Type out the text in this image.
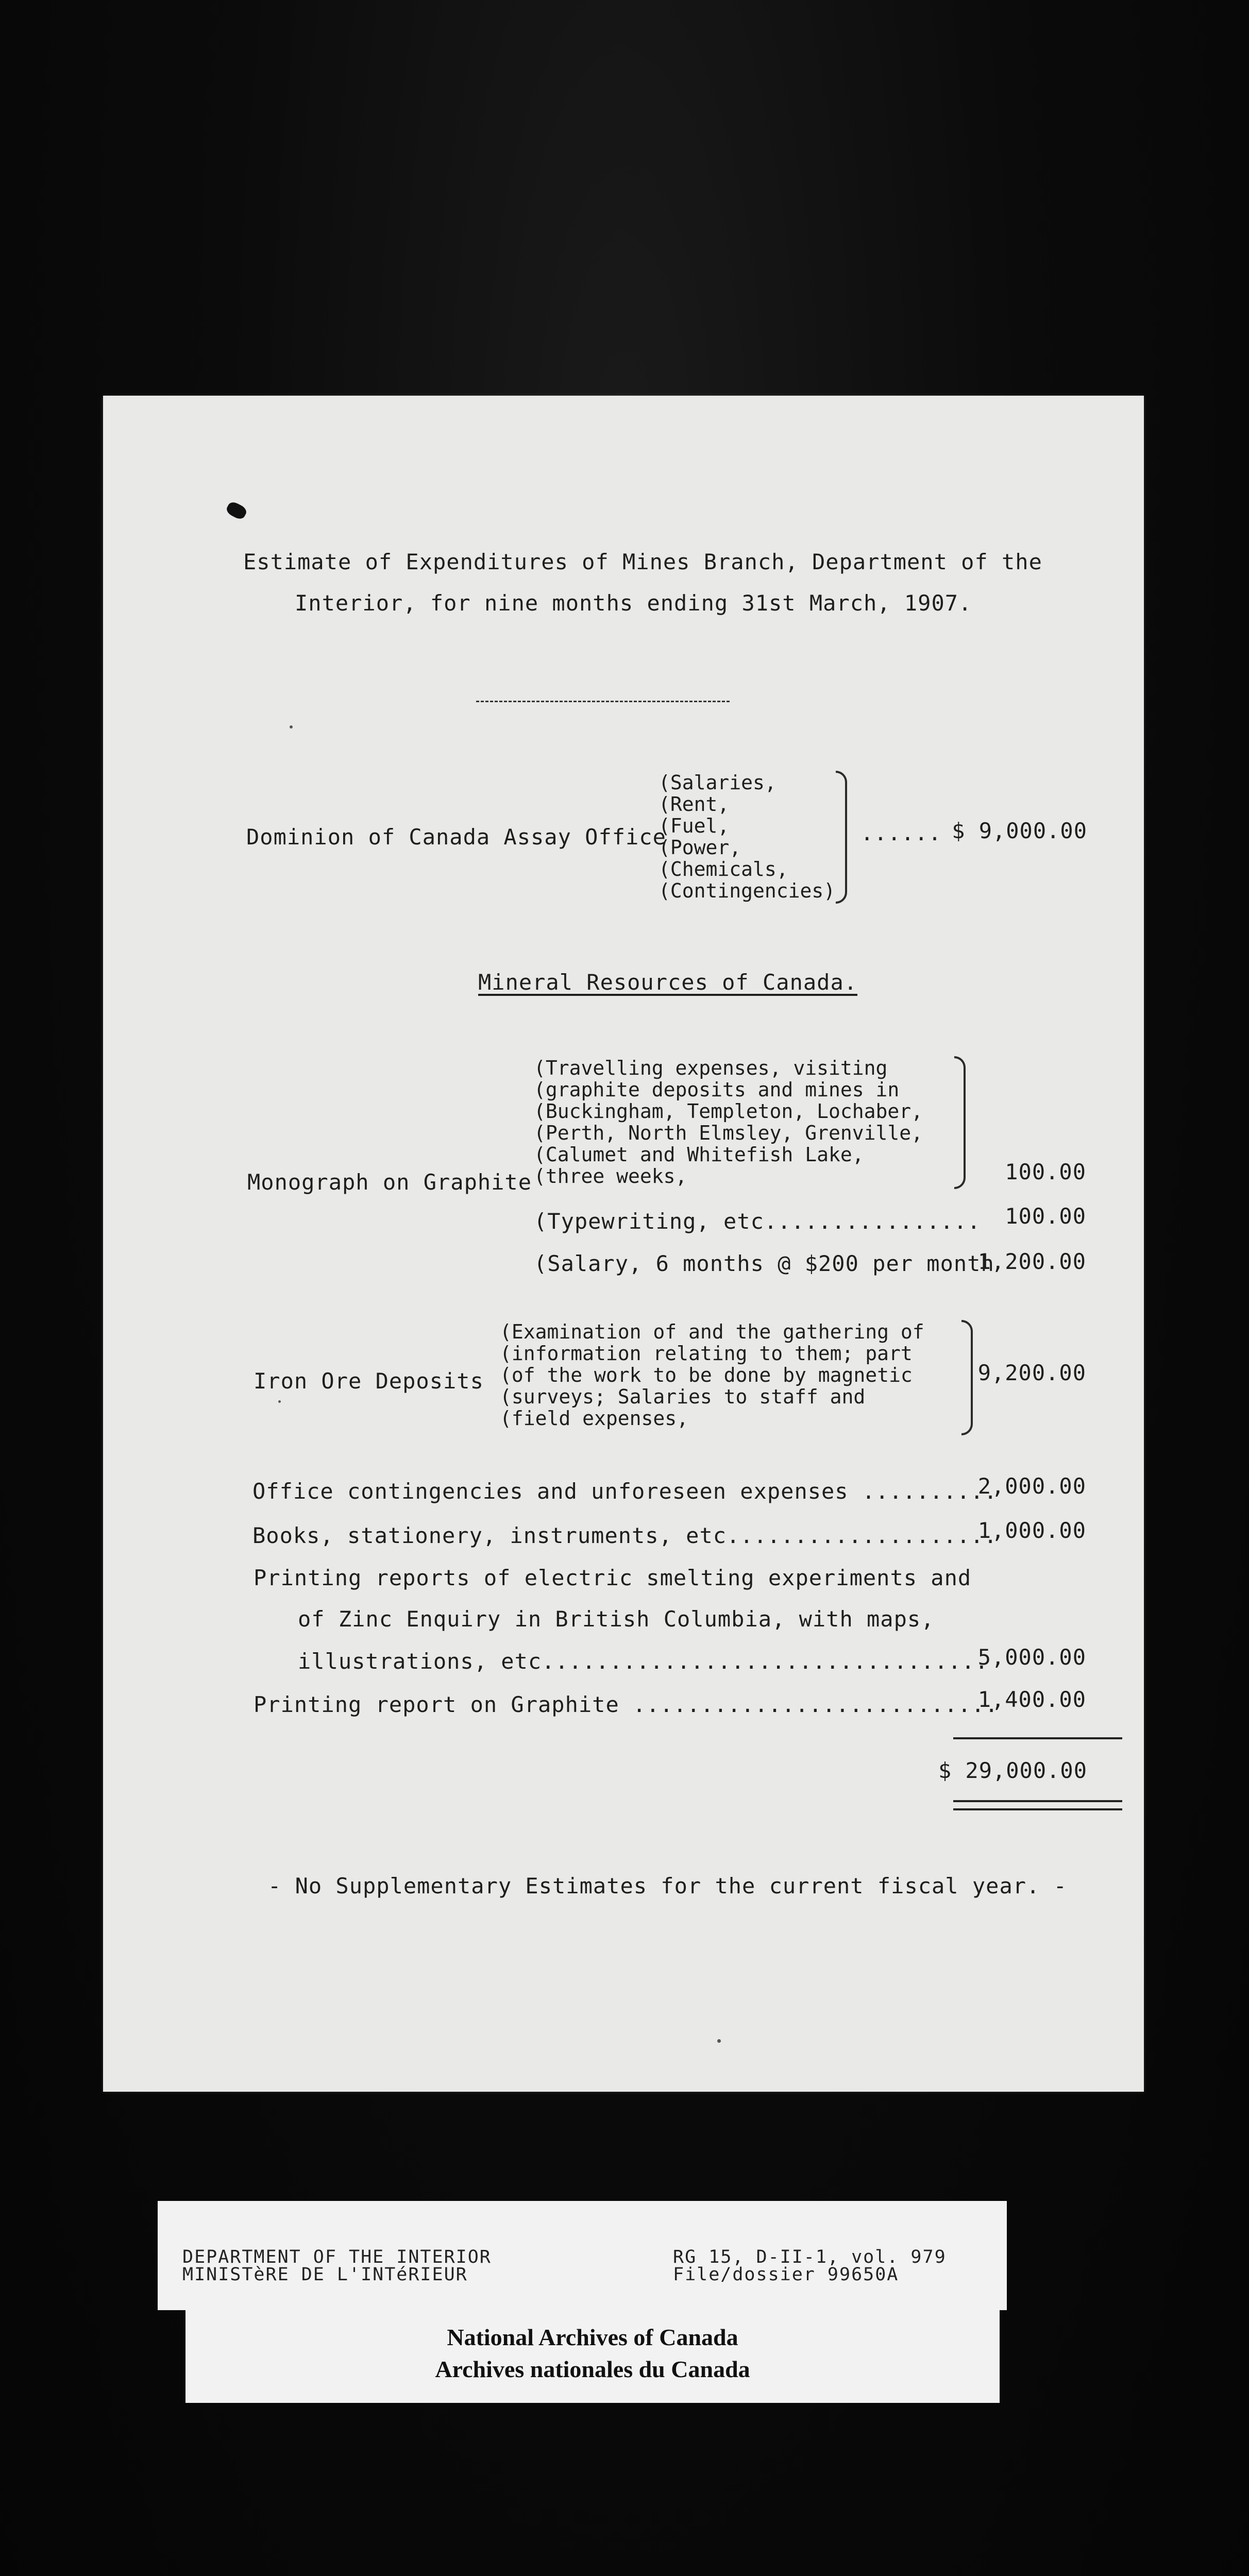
Estimate of Expenditures of Mines Branch, Department of the
Interior, for nine months ending 31st March, 1907.
Dominion of Canada Assay Office
(Salaries,
(Rent,
(Fuel,
(Power,
(Chemicals,
(Contingencies)
...... $ 9,000.00
Mineral Resources of Canada.
Monograph on Graphite
(Travelling expenses, visiting
(graphite deposits and mines in
(Buckingham, Templeton, Lochaber,
(Perth, North Elmsley, Grenville,
(Calumet and Whitefish Lake,
(three weeks,	100.00
(Typewriting, etc................	100.00
(Salary, 6 months @ $200 per month
1,200.00
Iron Ore Deposits
(Examination of and the gathering of
(information relating to them; part
(of the work to be done by magnetic
(surveys; Salaries to staff and
(field expenses,
9,200.00
Office contingencies and unforeseen expenses ..........
2,000.00
Books, stationery, instruments, etc....................
1,000.00
Printing reports of electric smelting experiments and
of Zinc Enquiry in British Columbia, with maps,
illustrations, etc.................................
5,000.00
Printing report on Graphite ...........................
1,400.00
$ 29,000.00
- No Supplementary Estimates for the current fiscal year. -
DEPARTMENT OF THE INTERIOR
MINISTèRE DE L'INTéRIEUR
RG 15, D-II-1, vol. 979
File/dossier 99650A
National Archives of Canada
Archives nationales du Canada
